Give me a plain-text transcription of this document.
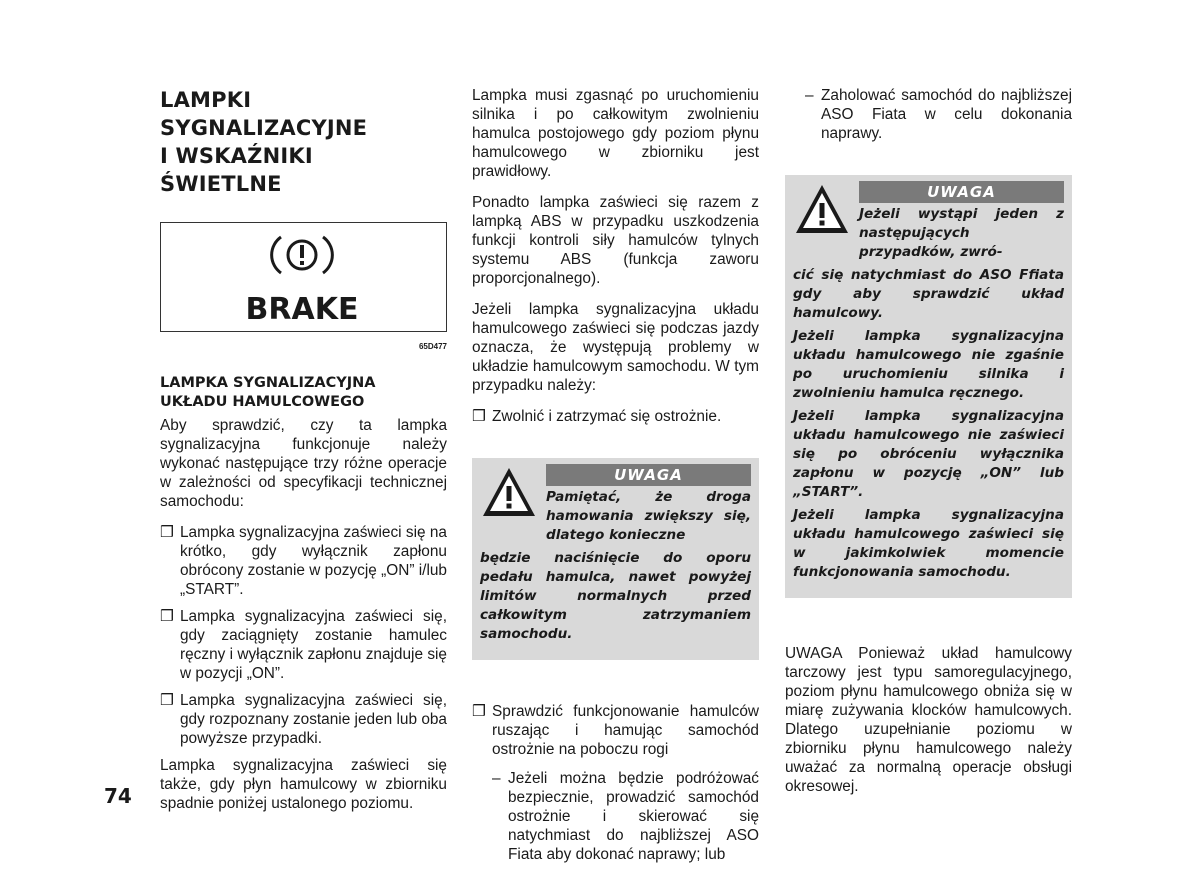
LAMPKI
SYGNALIZACYJNE
I WSKAŹNIKI
ŚWIETLNE
BRAKE
65D477
LAMPKA SYGNALIZACYJNA
UKŁADU HAMULCOWEGO

Aby sprawdzić, czy ta lampka sygnalizacyjna funkcjonuje należy wykonać następujące trzy różne operacje w zależności od specyfikacji technicznej samochodu:

❒ Lampka sygnalizacyjna zaświeci się na krótko, gdy wyłącznik zapłonu obrócony zostanie w pozycję „ON” i/lub „START”.
❒ Lampka sygnalizacyjna zaświeci się, gdy zaciągnięty zostanie hamulec ręczny i wyłącznik zapłonu znajduje się w pozycji „ON”.
❒ Lampka sygnalizacyjna zaświeci się, gdy rozpoznany zostanie jeden lub oba powyższe przypadki.

Lampka sygnalizacyjna zaświeci się także, gdy płyn hamulcowy w zbiorniku spadnie poniżej ustalonego poziomu.

Lampka musi zgasnąć po uruchomieniu silnika i po całkowitym zwolnieniu hamulca postojowego gdy poziom płynu hamulcowego w zbiorniku jest prawidłowy.

Ponadto lampka zaświeci się razem z lampką ABS w przypadku uszkodzenia funkcji kontroli siły hamulców tylnych systemu ABS (funkcja zaworu proporcjonalnego).

Jeżeli lampka sygnalizacyjna układu hamulcowego zaświeci się podczas jazdy oznacza, że występują problemy w układzie hamulcowym samochodu. W tym przypadku należy:

❒ Zwolnić i zatrzymać się ostrożnie.
UWAGA

Pamiętać, że droga hamowania zwiększy się, dlatego konieczne

będzie naciśnięcie do oporu pedału hamulca, nawet powyżej limitów normalnych przed całkowitym zatrzymaniem samochodu.

❒ Sprawdzić funkcjonowanie hamulców ruszając i hamując samochód ostrożnie na poboczu rogi
– Jeżeli można będzie podróżować bezpiecznie, prowadzić samochód ostrożnie i skierować się natychmiast do najbliższej ASO Fiata aby dokonać naprawy; lub
– Zaholować samochód do najbliższej ASO Fiata w celu dokonania naprawy.
UWAGA

Jeżeli wystąpi jeden z następujących przypadków, zwró-

cić się natychmiast do ASO Ffiata gdy aby sprawdzić układ hamulcowy.

Jeżeli lampka sygnalizacyjna układu hamulcowego nie zgaśnie po uruchomieniu silnika i zwolnieniu hamulca ręcznego.

Jeżeli lampka sygnalizacyjna układu hamulcowego nie zaświeci się po obróceniu wyłącznika zapłonu w pozycję „ON” lub „START”.

Jeżeli lampka sygnalizacyjna układu hamulcowego zaświeci się w jakimkolwiek momencie funkcjonowania samochodu.

UWAGA Ponieważ układ hamulcowy tarczowy jest typu samoregulacyjnego, poziom płynu hamulcowego obniża się w miarę zużywania klocków hamulcowych. Dlatego uzupełnianie poziomu w zbiorniku płynu hamulcowego należy uważać za normalną operacje obsługi okresowej.

74
